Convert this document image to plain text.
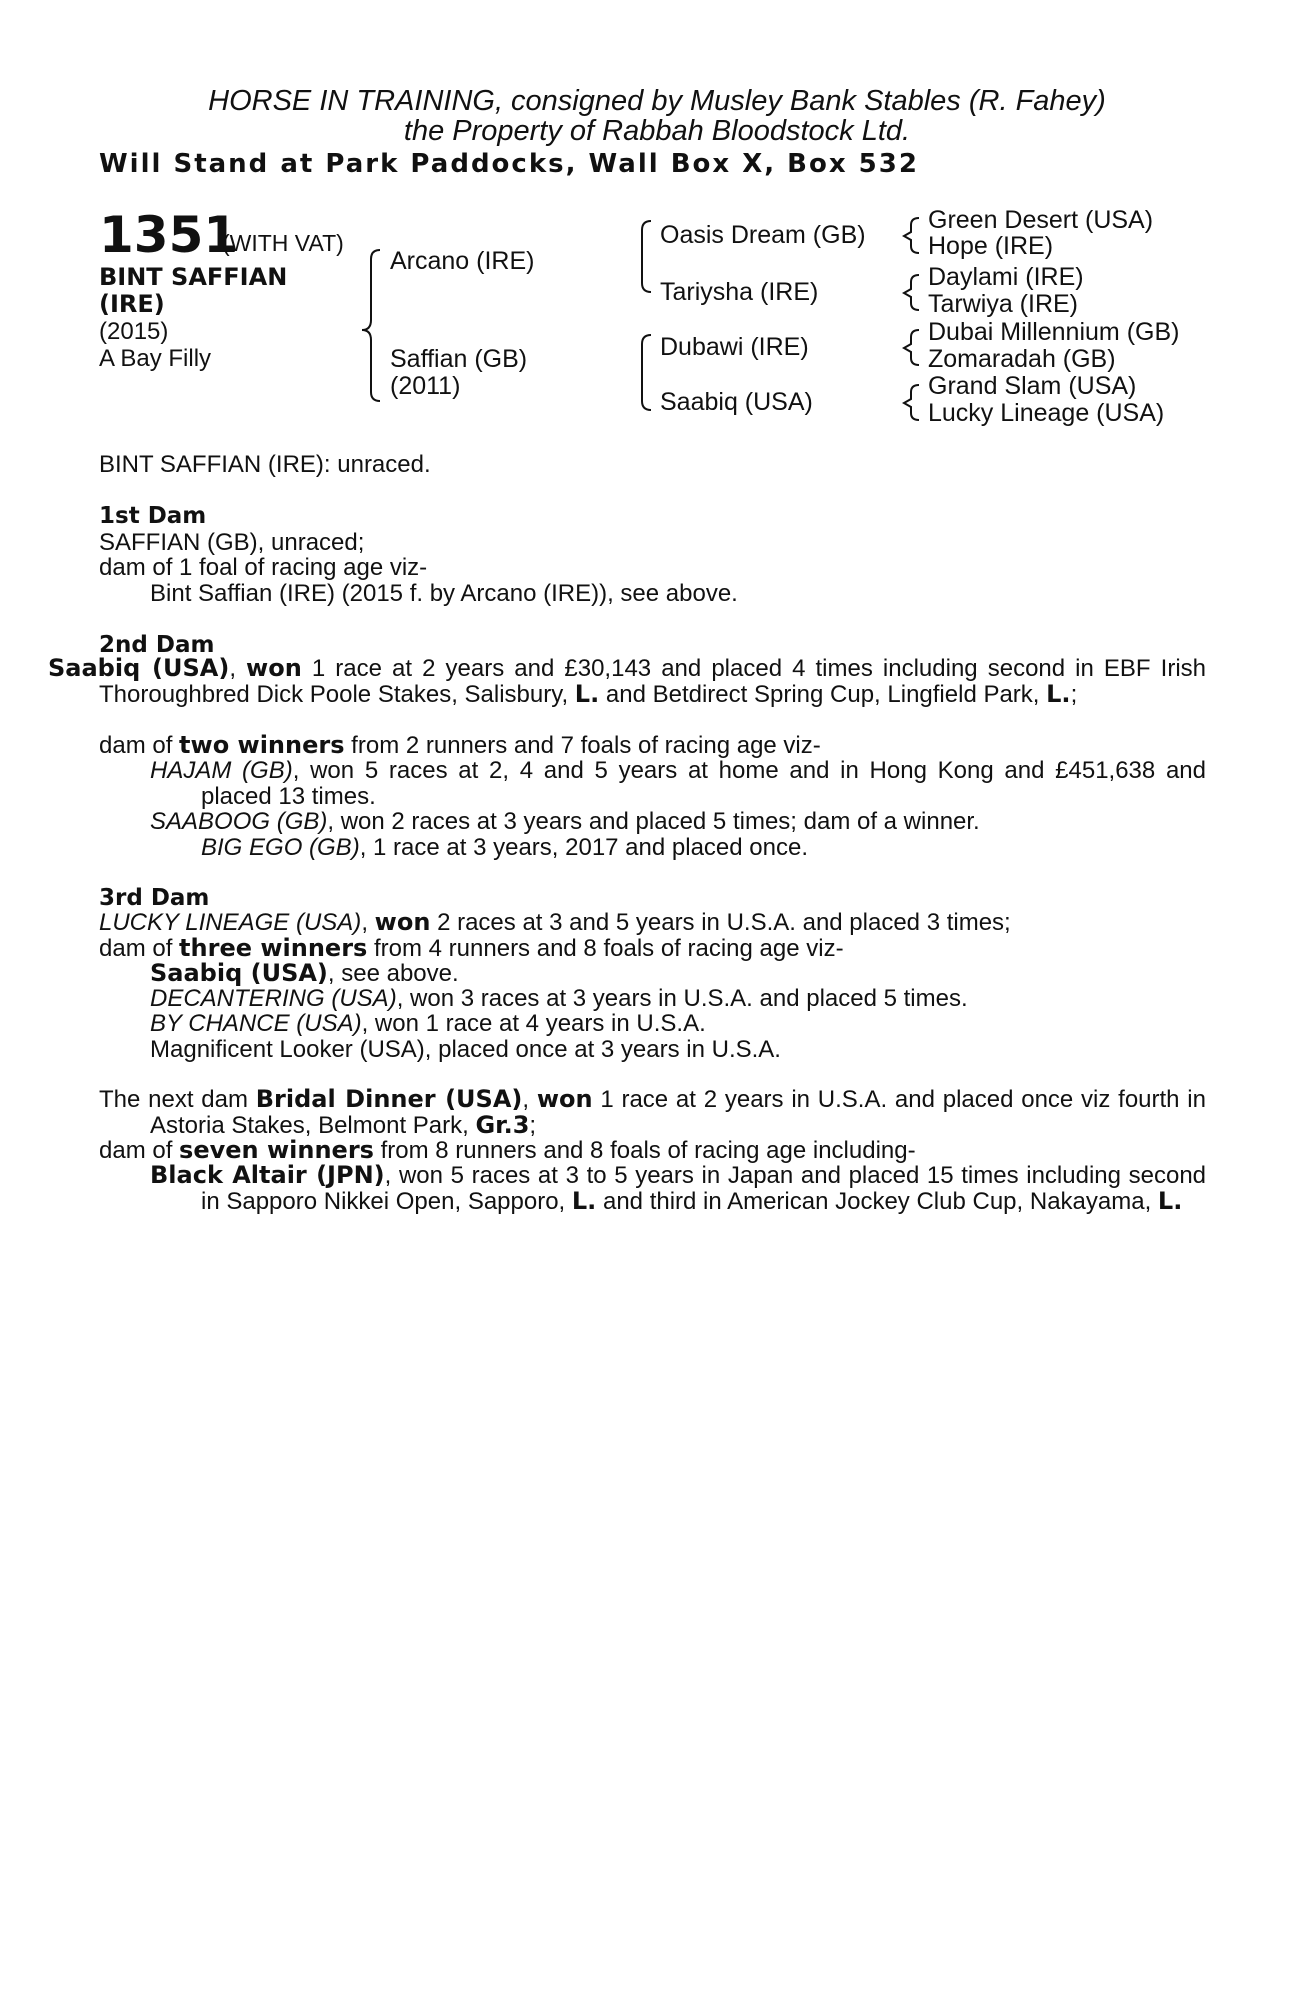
HORSE IN TRAINING, consigned by Musley Bank Stables (R. Fahey)
the Property of Rabbah Bloodstock Ltd.
Will Stand at Park Paddocks, Wall Box X, Box 532
1351
(WITH VAT)
BINT SAFFIAN (IRE)
(2015)
A Bay Filly
Arcano (IRE)
Saffian (GB)
(2011)
Oasis Dream (GB)
Tariysha (IRE)
Dubawi (IRE)
Saabiq (USA)
Green Desert (USA)
Hope (IRE)
Daylami (IRE)
Tarwiya (IRE)
Dubai Millennium (GB)
Zomaradah (GB)
Grand Slam (USA)
Lucky Lineage (USA)
BINT SAFFIAN (IRE): unraced.
1st Dam
SAFFIAN (GB), unraced;
dam of 1 foal of racing age viz-
Bint Saffian (IRE) (2015 f. by Arcano (IRE)), see above.
2nd Dam
Saabiq (USA), won 1 race at 2 years and £30,143 and placed 4 times including second in EBF Irish Thoroughbred Dick Poole Stakes, Salisbury, L. and Betdirect Spring Cup, Lingfield Park, L.;
dam of two winners from 2 runners and 7 foals of racing age viz-
HAJAM (GB), won 5 races at 2, 4 and 5 years at home and in Hong Kong and £451,638 and placed 13 times.
SAABOOG (GB), won 2 races at 3 years and placed 5 times; dam of a winner.
BIG EGO (GB), 1 race at 3 years, 2017 and placed once.
3rd Dam
LUCKY LINEAGE (USA), won 2 races at 3 and 5 years in U.S.A. and placed 3 times;
dam of three winners from 4 runners and 8 foals of racing age viz-
Saabiq (USA), see above.
DECANTERING (USA), won 3 races at 3 years in U.S.A. and placed 5 times.
BY CHANCE (USA), won 1 race at 4 years in U.S.A.
Magnificent Looker (USA), placed once at 3 years in U.S.A.
The next dam Bridal Dinner (USA), won 1 race at 2 years in U.S.A. and placed once viz fourth in Astoria Stakes, Belmont Park, Gr.3;
dam of seven winners from 8 runners and 8 foals of racing age including-
Black Altair (JPN), won 5 races at 3 to 5 years in Japan and placed 15 times including second in Sapporo Nikkei Open, Sapporo, L. and third in American Jockey Club Cup, Nakayama, L.
